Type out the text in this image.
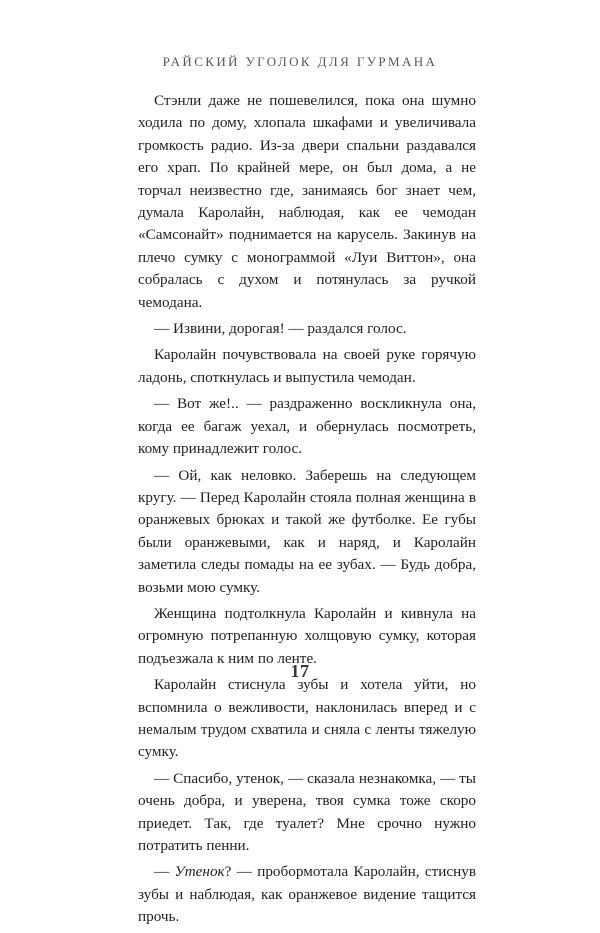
РАЙСКИЙ УГОЛОК ДЛЯ ГУРМАНА

Стэнли даже не пошевелился, пока она шумно ходила по дому, хлопала шкафами и увеличивала громкость радио. Из-за двери спальни раздавался его храп. По крайней мере, он был дома, а не торчал неизвестно где, занимаясь бог знает чем, думала Каролайн, наблюдая, как ее чемодан «Самсонайт» поднимается на карусель. Закинув на плечо сумку с монограммой «Луи Виттон», она собралась с духом и потянулась за ручкой чемодана.

— Извини, дорогая! — раздался голос.

Каролайн почувствовала на своей руке горячую ладонь, споткнулась и выпустила чемодан.

— Вот же!.. — раздраженно воскликнула она, когда ее багаж уехал, и обернулась посмотреть, кому принадлежит голос.

— Ой, как неловко. Заберешь на следующем кругу. — Перед Каролайн стояла полная женщина в оранжевых брюках и такой же футболке. Ее губы были оранжевыми, как и наряд, и Каролайн заметила следы помады на ее зубах. — Будь добра, возьми мою сумку.

Женщина подтолкнула Каролайн и кивнула на огромную потрепанную холщовую сумку, которая подъезжала к ним по ленте.

Каролайн стиснула зубы и хотела уйти, но вспомнила о вежливости, наклонилась вперед и с немалым трудом схватила и сняла с ленты тяжелую сумку.

— Спасибо, утенок, — сказала незнакомка, — ты очень добра, и уверена, твоя сумка тоже скоро приедет. Так, где туалет? Мне срочно нужно потратить пенни.

— Утенок? — пробормотала Каролайн, стиснув зубы и наблюдая, как оранжевое видение тащится прочь.

17
